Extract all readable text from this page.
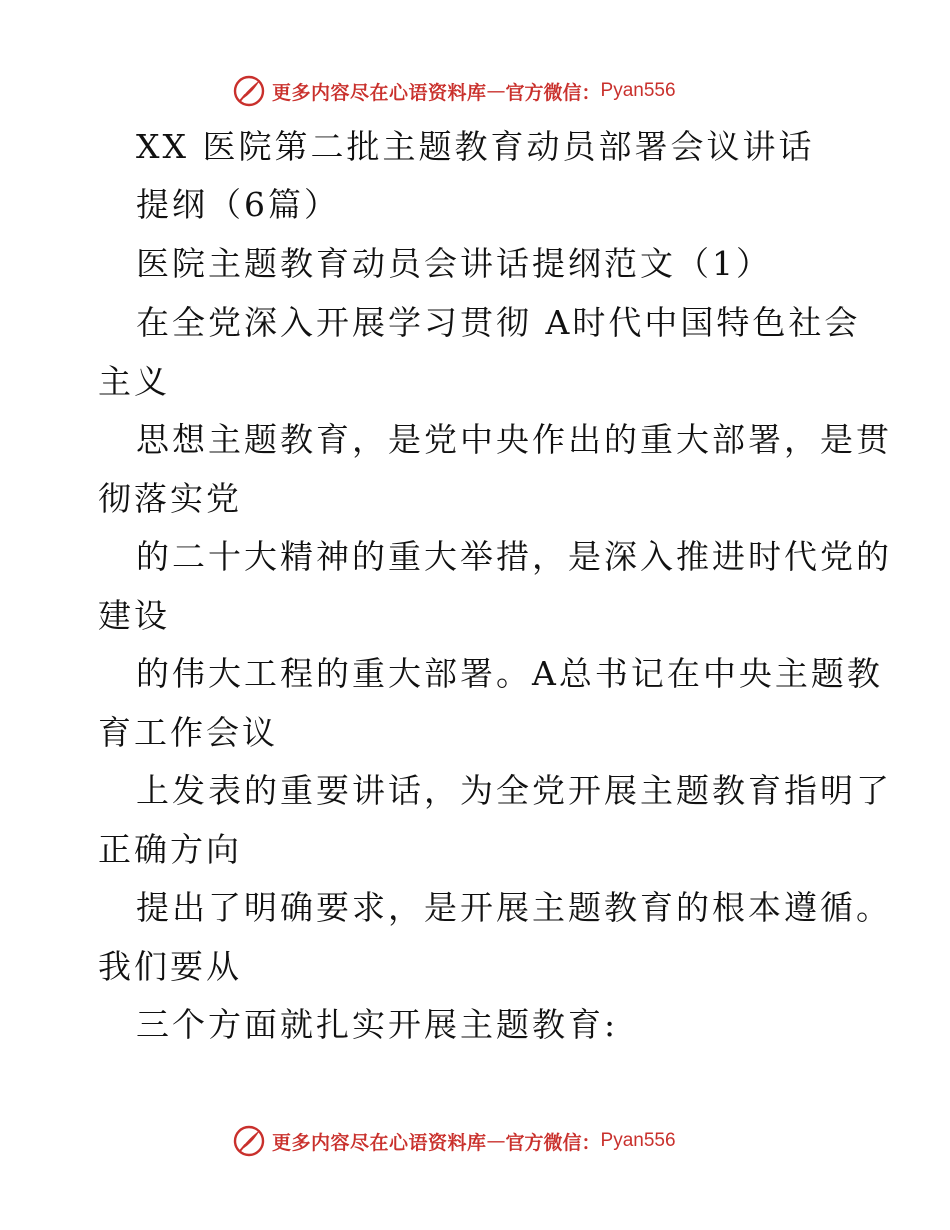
更多内容尽在心语资料库 — 官方微信： Pyan556
XX 医院第二批主题教育动员部署会议讲话
提纲（6篇）
医院主题教育动员会讲话提纲范文（1）
在全党深入开展学习贯彻 A时代中国特色社会
主义
思想主题教育，是党中央作出的重大部署，是贯
彻落实党
的二十大精神的重大举措，是深入推进时代党的
建设
的伟大工程的重大部署。A总书记在中央主题教
育工作会议
上发表的重要讲话，为全党开展主题教育指明了
正确方向
提出了明确要求，是开展主题教育的根本遵循。
我们要从
三个方面就扎实开展主题教育:
更多内容尽在心语资料库 — 官方微信： Pyan556
